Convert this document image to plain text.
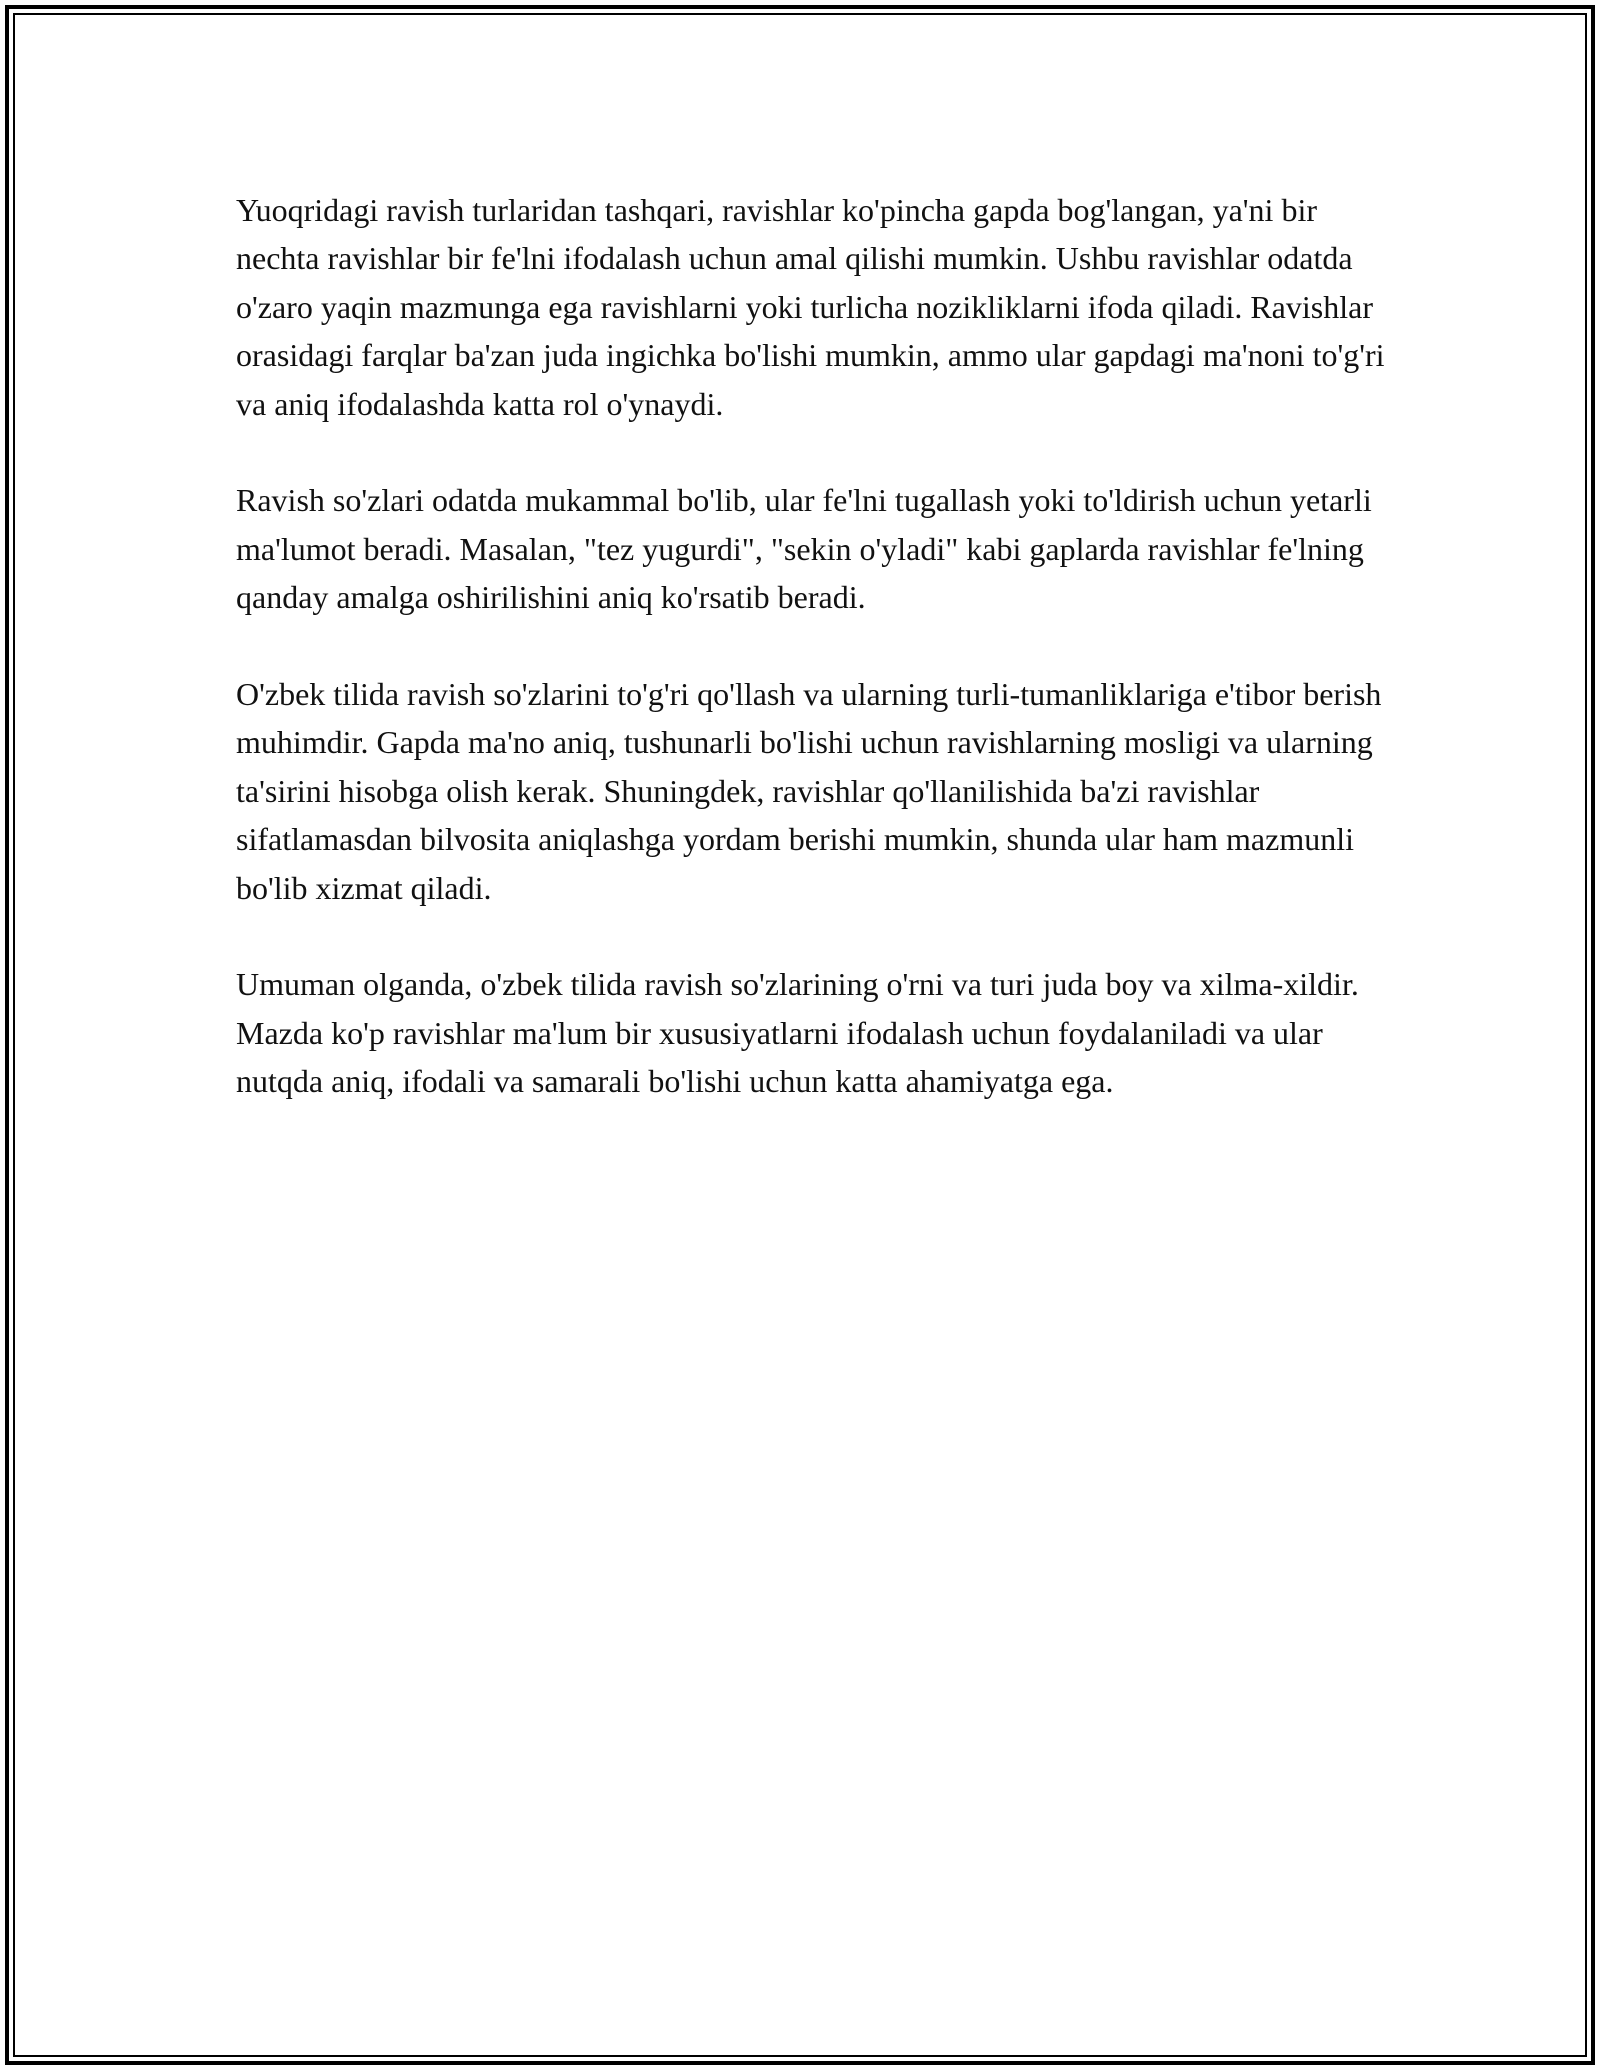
Yuoqridagi ravish turlaridan tashqari, ravishlar ko'pincha gapda bog'langan, ya'ni bir nechta ravishlar bir fe'lni ifodalash uchun amal qilishi mumkin. Ushbu ravishlar odatda o'zaro yaqin mazmunga ega ravishlarni yoki turlicha nozikliklarni ifoda qiladi. Ravishlar orasidagi farqlar ba'zan juda ingichka bo'lishi mumkin, ammo ular gapdagi ma'noni to'g'ri va aniq ifodalashda katta rol o'ynaydi.

Ravish so'zlari odatda mukammal bo'lib, ular fe'lni tugallash yoki to'ldirish uchun yetarli ma'lumot beradi. Masalan, "tez yugurdi", "sekin o'yladi" kabi gaplarda ravishlar fe'lning qanday amalga oshirilishini aniq ko'rsatib beradi.

O'zbek tilida ravish so'zlarini to'g'ri qo'llash va ularning turli-tumanliklariga e'tibor berish muhimdir. Gapda ma'no aniq, tushunarli bo'lishi uchun ravishlarning mosligi va ularning ta'sirini hisobga olish kerak. Shuningdek, ravishlar qo'llanilishida ba'zi ravishlar sifatlamasdan bilvosita aniqlashga yordam berishi mumkin, shunda ular ham mazmunli bo'lib xizmat qiladi.

Umuman olganda, o'zbek tilida ravish so'zlarining o'rni va turi juda boy va xilma-xildir. Mazda ko'p ravishlar ma'lum bir xususiyatlarni ifodalash uchun foydalaniladi va ular nutqda aniq, ifodali va samarali bo'lishi uchun katta ahamiyatga ega.
